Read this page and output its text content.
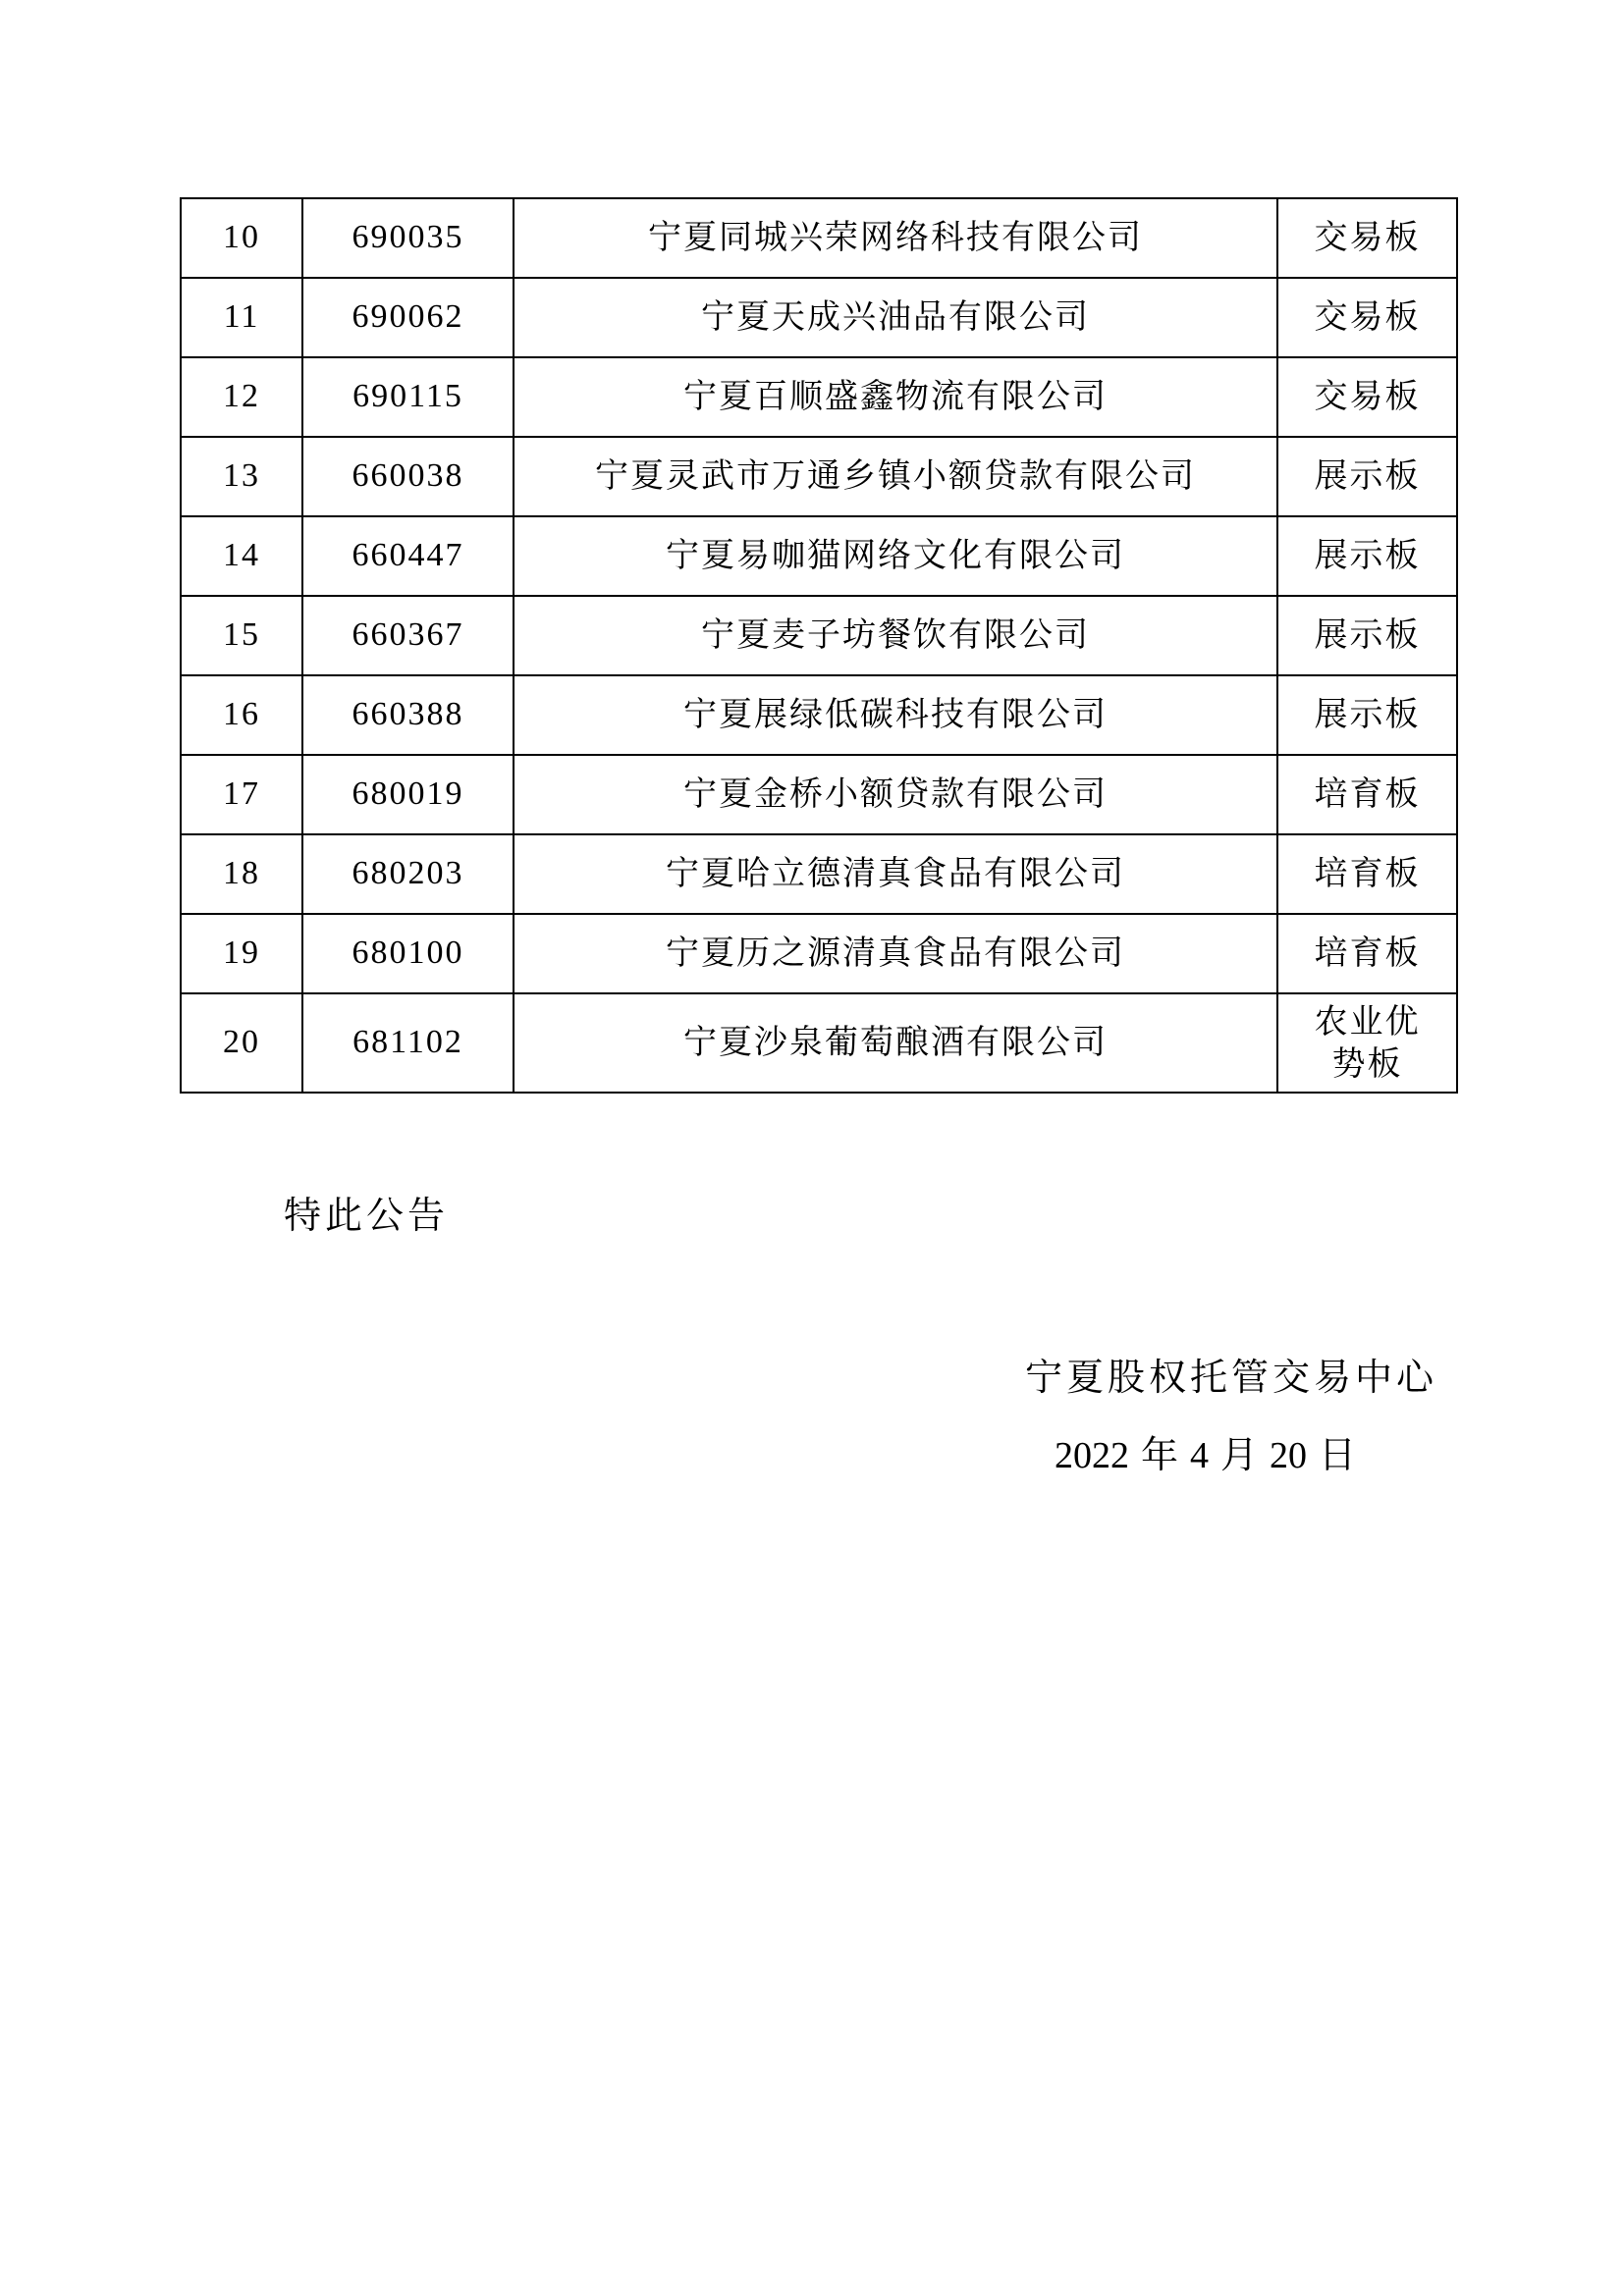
10	690035	宁夏同城兴荣网络科技有限公司	交易板
11	690062	宁夏天成兴油品有限公司	交易板
12	690115	宁夏百顺盛鑫物流有限公司	交易板
13	660038	宁夏灵武市万通乡镇小额贷款有限公司	展示板
14	660447	宁夏易咖猫网络文化有限公司	展示板
15	660367	宁夏麦子坊餐饮有限公司	展示板
16	660388	宁夏展绿低碳科技有限公司	展示板
17	680019	宁夏金桥小额贷款有限公司	培育板
18	680203	宁夏哈立德清真食品有限公司	培育板
19	680100	宁夏历之源清真食品有限公司	培育板
20	681102	宁夏沙泉葡萄酿酒有限公司	农业优势板
特此公告
宁夏股权托管交易中心
2022 年 4 月 20 日
